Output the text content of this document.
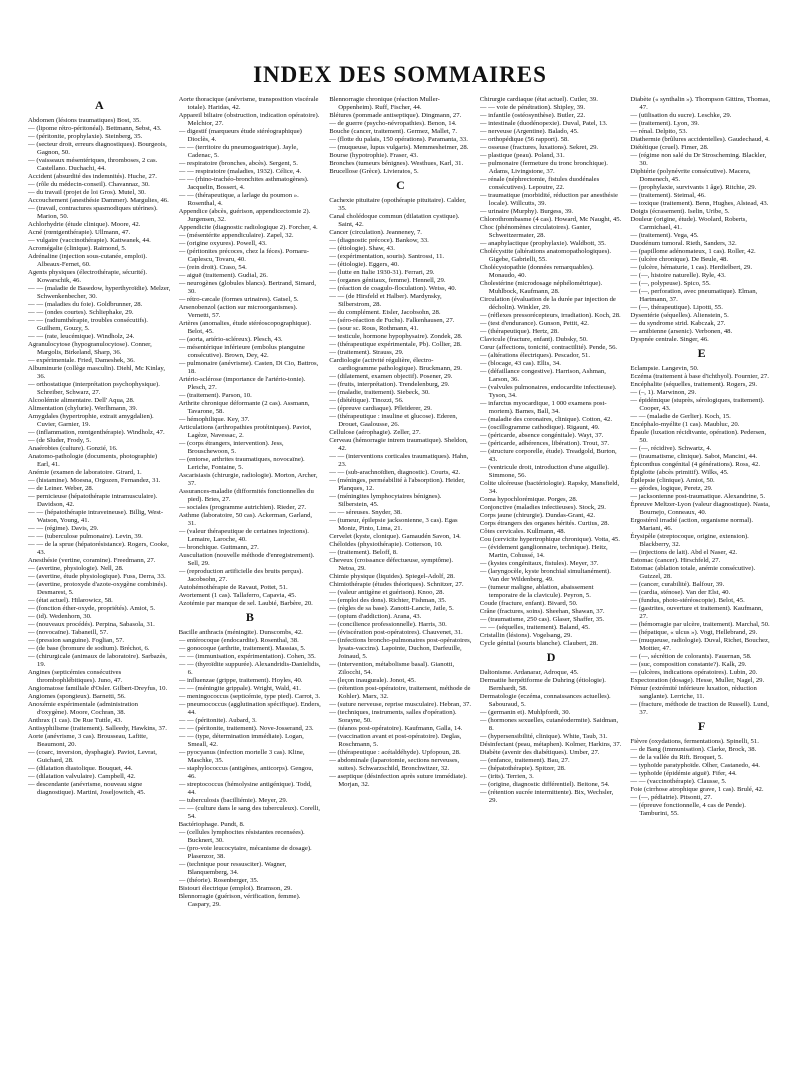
INDEX DES SOMMAIRES
A
Abdomen (lésions traumatiques) Bost, 35.
— (lipome rétro-péritonéal). Bettmann, Sebst, 43.
— (péritonite, prophylaxie). Steinberg, 35.
— (secteur droit, erreurs diagnostiques). Bourgeois, Gagnon, 50.
— (vaisseaux mésentériques, thromboses, 2 cas. Castellano. Duchachi, 44.
Accident (absurdité des indemnités). Huche, 27.
— (rôle du médecin-conseil). Chavannaz, 30.
— du travail (projet de loi Gros). Mutel, 30.
Accouchement (anesthésie Dammer). Margulies, 46.
— (travail, contractures spasmodiques utérines). Marion, 50.
Achlorhydrie (étude clinique). Moore, 42.
Acné (rœntgenthérapie). Ullmann, 47.
— vulgaire (vaccinothérapie). Kattwanek, 44.
Acromégalie (clinique). Raimond, 5.
Adrénaline (injection sous-cutanée, emploi). Albeaux-Fernet, 60.
Agents physiques (électrothérapie, sécurité). Kowarschik, 46.
— — (maladie de Basedow, hyperthyroïdie). Melzer, Schwenkenbecher, 30.
— — (maladies du foie). Goldbrunner, 28.
— — (ondes courtes). Schliephake, 29.
— — (radiumthérapie, troubles consécutifs). Guilhem, Gouzy, 5.
— — (rate, leucémique). Windholz, 24.
Agranulocytose (hypogranulocytose). Conner, Margolis, Birkeland, Sharp, 36.
— expérimentale. Fried, Dameshek, 36.
Albuminurie (collège masculin). Diehl, Mc Kinlay, 36.
— orthostatique (interprétation psychophysique). Schreiber, Schwarz, 27.
Alcoolémie alimentaire. Dell' Aqua, 28.
Alimentation (chylurie). Werlhmann, 39.
Amygdales (hypertrophie, extrait amygdalien). Cuvier, Garnier, 19.
— (inflammation, rœntgenthérapie). Windholz, 47.
— (de Sluder, Frody, 5.
Anaérobies (culture). Gonzié, 16.
Anatomo-pathologie (documents, photographie) Earl, 41.
Anémie (examen de laboratoire. Girard, 1.
— (histamine). Moesna, Orgozen, Fernandez, 31.
— de Leiner. Weber, 28.
— pernicieuse (hépatothérapie intramusculaire). Davidson, 42.
— — (hépatothérapie intraveineuse). Billig, West-Watson, Young, 41.
— — (régime). Davis, 29.
— — (tuberculose pulmonaire). Levin, 39.
— — de la sprue (hépatorésistance). Rogers, Cooke, 43.
Anesthésie (vertine, coramine). Freedmann, 27.
— (avertine, physiologie). Nell, 28.
— (avertine, étude physiologique). Fuss, Derra, 33.
— (avertine, protoxyde d'azote-oxygène combinés). Desmarest, 5.
— (état actuel). Hilarowicz, 58.
— (fonction éther-oxyde, propriétés). Amiot, 5.
— (id). Wedenhorn, 30.
— (nouveaux procédés). Perpina, Sabasola, 31.
— (novocaïne). Tabaneill, 57.
— (pression sanguine). Foglian, 57.
— (de base (bromure de sodium). Bréchot, 6.
— (chirurgicale (animaux de laboratoire). Sarbazès, 19.
Angines (septicémies consécutives thrombophlébitiques). Juno, 47.
Angiomatose familiale d'Osler. Gilbert-Dreyfus, 10.
Angiomes (spongieux). Barnetti, 56.
Anoxémie expérimentale (administration d'oxygène). Moore, Cochran, 38.
Anthrax (1 cas). De Rue Tuttle, 43.
Antisyphilisme (traitement). Salleedy, Hawkins, 37.
Aorte (anévrisme, 3 cas). Brousseau, Lafitte, Beaumont, 20.
— (coarc, inversion, dysphagie). Paviot, Levrat, Guichard, 28.
— (dilatation diastolique. Bouquet, 44.
— (dilatation valvulaire). Campbell, 42.
— descendante (anévrisme, nouveau signe diagnostique). Martini, Joseljowitch, 45.
Aorte thoracique (anévrisme, transposition viscérale totale). Haridas, 42.
Appareil biliaire (obstruction, indication opératoire). Melchior, 27.
— digestif (marqueurs étude stéréographique) Dioclès, 4.
— — (territoire du pneumogastrique). Jayle, Cadenac, 5.
— respiratoire (bronches, abcès). Sergent, 5.
— — respiratoire (maladies, 1932). Célice, 4.
— — (rhino-trachéo-bronchites asthmatogènes). Jacquelin, Bossert, 4.
— — (thérapeutique, a larlage du poumon ». Rosenthal, 4.
Appendice (abcès, guérison, appendicectomie 2). Jurgensen, 32.
Appendicite (diagnostic radiologique 2). Forcher, 4.
— (mésentérite appendiculaire). Zapel, 32.
— (origine oxyures). Powell, 43.
— (péritonites précoces, chez la féces). Pornaru-Caplescu, Tovaru, 40.
— (rein droit). Craso, 54.
— aiguë (traitement). Gudial, 26.
— neurogènes (globules blancs). Bertrand, Simard, 30.
— rétro-cæcale (formes urinaires). Gatsel, 5.
Arsenobenzol (action sur microorganismes). Vernetti, 57.
Artères (anomalies, étude stéréoscopographique). Belot, 45.
— (aorta, artério-scléreux). Plesch, 43.
— mésentérique inférieure (embolus pianguine consécutive). Brown, Dey, 42.
— pulmonaire (anévrisme). Casten, Di Cio, Battros, 18.
Artério-sclérose (importance de l'artério-tonie). Plesch, 27.
— (traitement). Parson, 10.
Arthrite chronique déformante (2 cas). Assmann, Tavarone, 58.
— hémophilique. Key, 37.
Articulations (arthropathies protéiniques). Paviot, Lagèze, Navessac, 2.
— (corps étrangers, intervention). Jess, Brouschewoon, 5.
— (entorse, arthrites traumatiques, novocaïne). Leriche, Fontaine, 5.
Ascarisiasis (chirurgie, radiologie). Morton, Archer, 37.
Assurances-maladie (difformités fonctionnelles du pied). Bries, 27.
— sociales (programme autrichien). Rieder, 27.
Asthme (laboratoire, 50 cas). Ackerman, Garland, 31.
— (valeur thérapeutique de certaines injections). Lemaire, Laroche, 40.
— bronchique. Guttmann, 27.
Auscultation (nouvelle méthode d'enregistrement). Sell, 29.
— (reproduction artificielle des bruits perçus). Jacobsohn, 27.
Autohémothérapie de Ravaut, Pottet, 51.
Avortement (1 cas). Tallaferro, Capavia, 45.
Azotémie par manque de sel. Laubié, Barbère, 20.
B
Bacille anthracis (méningite). Dunscombs, 42.
— entérocoque (endocardite). Rosenthal, 38.
— gonocoque (arthrite, traitement). Massias, 5.
— — (immunisation, expérimentation). Cohen, 35.
— — (thyroïdite suppurée). Alexandridis-Danielidis, 6.
— influenzae (grippe, traitement). Hoyles, 40.
— — (méningite grippale). Wright, Wald, 41.
— meningococcus (septicémie, type pied). Carrot, 3.
— pneumococcus (agglutination spécifique). Enders, 44.
— — (péritonite). Aubard, 3.
— — (péritonite, traitement). Nove-Josserand, 23.
— — (type, détermination immédiate). Logan, Smeall, 42.
— pyocyanus (infection mortelle 3 cas). Kline, Maschke, 35.
— staphylococcus (antigènes, anticorps). Gengou, 46.
— streptococcus (hémolysine antigénique). Todd, 44.
— tuberculosis (bacilliémie). Meyer, 29.
— — (culture dans le sang des tuberculeux). Corelli, 54.
Bactériophage. Pundt, 8.
— (cellules lymphocites résistantes recensées). Bucknert, 30.
— (pro-voie leucocytaire, mécanisme de dosage). Plasenzor, 38.
— (technique pour ressusciter). Wagner, Blanquemberg, 34.
— (théorie). Rosenberger, 35.
Bistouri électrique (emploi). Bramson, 29.
Blennorragie (guérison, vérification, femme). Caspary, 29.
Blennorragie chronique (réaction Muller-Oppenheim). Ruff, Fischer, 44.
Blétures (pommade antiseptique). Dingmann, 27.
— de guerre (psycho-névropathies). Benon, 14.
Bouche (cancer, traitement). Germez, Mallet, 7.
— (flotte du palais, 150 opérations). Paramanta, 33.
— (muqueuse, lupus vulgaris). Memmesheimer, 28.
Bourse (hypotrophie). Fraser, 43.
Bronches (tumeurs bénignes). Westhues, Karl, 31.
Brucellose (Grèce). Livieratos, 5.
C
Cachexie pituitaire (opothérapie pituitaire). Calder, 35.
Canal cholédoque commun (dilatation cystique). Saint, 42.
Cancer (circulation). Jeanneney, 7.
— (diagnostic précoce). Bankow, 33.
— (étiologie). Shaw, 43.
— (expérimentation, souris). Santrossi, 11.
— (étiologie). Eggers, 40.
— (lutte en Italie 1930-31). Ferrari, 29.
— (organes génitaux, femme). Hennell, 29.
— (réaction de coagulo-floculation). Weiss, 40.
— — (de Hirsfeld et Halber). Mardynsky, Silberstrom, 28.
— du complément. Eisler, Jacobsohn, 28.
— (séro-réaction de Fuchs). Falkenhausen, 27.
— (sour sc. Rous, Rothmann, 41.
— testicule, hormone hypophysaire). Zondek, 28.
— (thérapeutique expérimentale, Pb). Collier, 28.
— (traitement). Strauss, 29.
Cardiologie (activité régulière, électro-cardiogramme pathologique). Bruckmann, 29.
— (dilatement, examen objectif). Posener, 29.
— (fruits, interprétation). Trendelenburg, 29.
— (maladie, traitement). Siebeck, 30.
— (diététique). Tinozzi, 56.
— (épreuve cardiaque). Pfleiderer, 29.
— (thérapeutique : insuline et glucose). Ederen, Drouet, Gaalousse, 26.
Cellulose (aérophagie). Zeller, 27.
Cerveau (hémorragie intrem traumatique). Sheldon, 42.
— — (interventions corticales traumatiques). Hahn, 23.
— — (sub-arachnoïdien, diagnostic). Courts, 42.
— (méninges, perméabilité à l'absorption). Heider, Planques, 12.
— (méningites lymphocytaires bénignes). Silberstein, 45.
— — séreuses. Snyder, 38.
— (tumeur, épilepsie jacksonienne, 3 cas). Egas Moniz, Pinto, Lima, 21.
Cervelet (kyste, clonique). Gamaudén Savon, 14.
Chéloïdes (physiothérapie). Cotterson, 10.
— (traitement). Beloff, 8.
Cheveux (croissance défectueuse, symptôme). Netoa, 29.
Chimie physique (liquides). Spiegel-Adolf, 28.
Chimiothérapie (études théoriques). Schnitzer, 27.
— (valeur antigène et guérison). Knoo, 28.
— (emploi des dons). Richter, Fishman, 35.
— (règles de sa base). Zanotti-Lancie, Jatle, 5.
— (opium d'addiction). Arana, 43.
— (concilience professionnelle). Harris, 30.
— (éviscération post-opératoires). Chauvenet, 31.
— (infections broncho-pulmonaires post-opératoires, lysats-vaccins). Lapointe, Duchon, Darfeuille, Joinaud, 5.
— (intervention, métabolisme basal). Gianotti, Zilocchi, 54.
— (leçon inaugurale). Jonot, 45.
— (rétention post-opératoire, traitement, méthode de Kohler). Marx, 32.
— (suture nerveuse, reprise musculaire). Hebran, 37.
— (techniques, instruments, salles d'opération). Sorayne, 50.
— (téanos post-opératoire). Kaufmann, Galla, 14.
— (vaccination avant et post-opératoire). Deglas, Roschmann, 5.
— (thérapeutique : acétaldéhyde). Upfopoun, 28.
— abdominale (laparotomie, sections nerveuses, suites). Schwarzschild, Bronchwitzer, 32.
— aseptique (désinfection après suture immédiate). Morjan, 32.
Chirurgie cardiaque (état actuel). Cutler, 39.
— — voie de pénétration). Shipley, 39.
— infantile (ostéosynthèse). Butler, 22.
— intestinale (duodénopexie). Duval, Patel, 13.
— nerveuse (Argentine). Balado, 45.
— orthopédique (56 rapport). 58.
— osseuse (fractures, luxations). Sekret, 29.
— plastique (peau). Poland, 31.
— pulmonaire (fermeture du tronc bronchique). Adams, Livingstone, 37.
— rénale (néphrectomie, fistules duodénales consécutives). Lepoutre, 22.
— traumatique (morbidité, réduction par anesthésie locale). Willcutts, 39.
— urinaire (Murphy). Burgess, 39.
Chlorothrombasme (4 cas). Howard, Mc Naught, 45.
Choc (phénomènes circulatoires). Ganter, Schweitzermater, 28.
— anaphylactique (prophylaxie). Waldbott, 35.
Cholécystite (altérations anatomopathologiques). Gigebe, Gabrielli, 55.
Cholécystopathie (données remarquables). Monaudo, 40.
Cholestérine (microdosage néphélométrique). Muhlbock, Kaufmann, 28.
Circulation (évaluation de la durée par injection de décholin). Winkler, 29.
— (réflexes pressorécepteurs, irradiation). Koch, 28.
— (test d'endurance). Gunson, Pettit, 42.
— (thérapeutique). Hertz, 28.
Clavicule (fracture, enfant). Dubsky, 50.
Cœur (affections, tonicité, contractilité). Pende, 56.
— (altérations électriques). Pescador, 51.
— (blocage, 43 cas). Ellis, 34.
— (défaillance congestive). Harrison, Ashman, Larson, 36.
— (valvules pulmonaires, endocardite infectieuse). Tyson, 34.
— infarctus myocardique, 1 000 examens post-mortem). Barnes, Ball, 34.
— (maladie des coronaires, clinique). Cotton, 42.
— (oscillogramme cathodique). Rigaunt, 49.
— (péricarde, absence congénitale). Wayt, 37.
— (péricarde, adhérences, libération). Trout, 37.
— (structure corporelle, étude). Treadgold, Burton, 43.
— (ventricule droit, introduction d'une aiguille). Simmone, 56.
Colite ulcéreuse (bactériologie). Rapsky, Mansfield, 34.
Coma hypochlorémique. Porges, 28.
Conjonctive (maladies infectieuses). Stock, 29.
Corps jaune (chirurgie). Dundas-Grant, 42.
Corps étrangers des organes hérités. Curtius, 28.
Côtes cervicales. Kullmann, 48.
Cou (cervicite hypertrophique chronique). Votta, 45.
— (évidement ganglionnaire, technique). Heitz, Martin, Cohussé, 14.
— (kystes congénitaux, fistules). Meyer, 37.
— (laryngocèle, kyste bronchial simultanément). Van der Wildenberg, 49.
— (tumeur maligne, ablation, abaissement temporaire de la clavicule). Peyron, 5.
Coude (fracture, enfant). Bivard, 50.
Crâne (fractures, soins). Sheehan, Shawan, 37.
— (traumatisme, 250 cas). Glaser, Shaffer, 35.
— — (séquelles, traitement). Baland, 45.
Cristallin (lésions). Vogelsang, 29.
Cycle génital (souris blanche). Claubert, 28.
D
Daltonisme. Ardanarar, Adroque, 45.
Dermatite herpétiforme de Duhring (étiologie). Bernhardt, 58.
Dermatologie (eczéma, connaissances actuelles). Sabouraud, 5.
— (germanin et). Muhlpfordt, 30.
— (hormones sexuelles, cutanéodermite). Saidman, 8.
— (hypersensibilité, clinique). White, Taub, 31.
Désinfectant (peau, métaphen). Kolmer, Harkins, 37.
Diabète (avenir des diabétiques). Umber, 27.
— (enfance, traitement). Bau, 27.
— (hépatothérapie). Spitzer, 28.
— (irits). Terrien, 3.
— (origine, diagnostic différentiel). Beitone, 54.
— (rétention sucrée intermittente). Bix, Wechsler, 29.
Diabète (« synthalin »). Thompson Gittins, Thomas, 47.
— (utilisation du sucre). Leschke, 29.
— (traitement). Lyon, 39.
— rénal. Delpito, 53.
Diathermie (brûlures accidentelles). Gaudechaud, 4.
Diététique (cruel). Fimer, 28.
— (régime non salé du Dr Stroscheming. Blackler, 30.
Diphtérie (polynévrite consécutive). Macera, Domenech, 45.
— (prophylaxie, survivants 1 âge). Ritchie, 29.
— (traitement). Steimal, 46.
— toxique (traitement). Benn, Hughes, Alstead, 43.
Doigts (écrasement). Iselin, Uribe, 5.
Douleur (origine, étude). Woolard, Roberts, Carmichael, 41.
— (traitement). Vega, 45.
Duodénum tumoral. Rieth, Sanders, 32.
— (papillome adénomateux, 1 cas). Roller, 42.
— (ulcère chronique). De Beule, 48.
— (ulcère, hématurie, 1 cas). Herdielbert, 29.
— (—, histoire naturelle). Ryle, 43.
— (—, polypeuse). Spico, 55.
— (—, perforation, avec pneumatique). Elman, Hartmann, 37.
— (—, thérapeutique). Lipotti, 55.
Dysentérie (séquelles). Alienstein, 5.
— du syndrome strid. Kabczak, 27.
— amibienne (arsenic). Verbonen, 48.
Dyspnée centrale. Singer, 46.
E
Eclampsie. Langevin, 50.
Eczéma (traitement à base d'ichthyol). Fournier, 27.
Encéphalite (séquelles, traitement). Rogers, 29.
— (–, 1). Marwinon, 29.
— épidémique (stuprès, sérologiques, traitement). Cooper, 43.
— — (maladie de Gerlier). Koch, 15.
Encéphalo-myélite (1 cas). Maubluc, 20.
Épaule (luxation récidivante, opération). Pedersen, 50.
— (—, récidive). Schwartz, 4.
— (traumatisme, clinique). Sabot, Mancini, 44.
Épiconthus congénital (4 générations). Ross, 42.
Épiglotte (abcès primitif). Wilks, 45.
Épilepsie (clinique). Amiot, 50.
— géodes, logique, Peretz, 29.
— jacksonienne post-traumatique. Alexandrine, 5.
Épreuve Meltzer-Lyon (valeur diagnostique). Nasta, Bournejo, Conneaux, 40.
Ergostérol irradié (action, organisme normal). Mariani, 46.
Érysipèle (streptocoque, origine, extension). Blackberry, 32.
— (injections de lait). Abd el Naser, 42.
Estomac (cancer). Hirschfeld, 27.
Estomac (ablation totale, anémie consécutive). Guizzel, 28.
— (cancer, curabilité). Balfour, 39.
— (cardia, sténose). Van der Elst, 40.
— (fundus, photo-stéréoscopie). Belot, 45.
— (gastrites, ouverture et traitement). Kaufmann, 27.
— (hémorragie par ulcère, traitement). Marchal, 50.
— (hépatique, « ulcus »). Vogt, Hellebrand, 29.
— (muqueuse, radiologie). Duval, Richet, Bouchez, Mottier, 47.
— (—, sécrétion de colorants). Fauernan, 58.
— (suc, composition constante?). Kalk, 29.
— (ulcères, indications opératoires). Lubin, 20.
Expectoration (dosage). Hesse, Muller, Nagel, 29.
Fémur (extrémité inférieure luxation, réduction sanglante). Lerriche, 11.
— (fracture, méthode de traction de Russell). Lund, 37.
F
Fièvre (oxydations, fermentations). Spinelli, 51.
— de Bang (immunisation). Clarke, Brock, 38.
— de la vallée du Rift. Broquet, 5.
— typhoïde paratyphoïde. Olher, Castanedo, 44.
— typhoïde (épidémie aiguë). Fifer, 44.
— — (vaccinothérapie). Clausse, 5.
Foie (cirrhose atrophique grave, 1 cas). Brulé, 42.
— (—, pédiatrie). Pitsonti, 27.
— (épreuve fonctionnelle, 4 cas de Pende). Tamburini, 55.
